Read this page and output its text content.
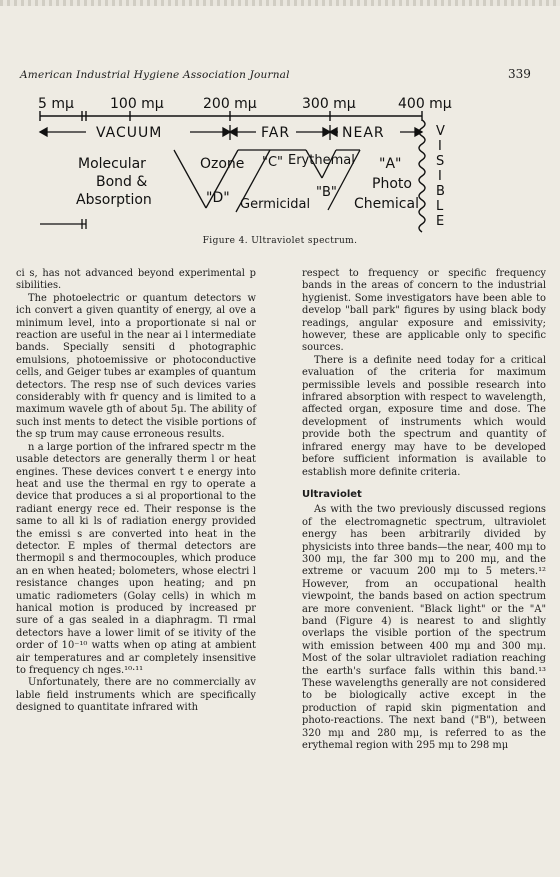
American Industrial Hygiene Association Journal	339
5 mμ	100 mμ	200 mμ	300 mμ	400 mμ
VACUUM	FAR	NEAR	V
I
S
I
B
L
E
Molecular
Bond &
Absorption
Ozone
"D"
"C"
Germicidal
Erythemal
"B"
"A"
Photo
Chemical
Figure 4. Ultraviolet spectrum.

ci s, has not advanced beyond experimental p sibilities.

The photoelectric or quantum detectors w ich convert a given quantity of energy, al ove a minimum level, into a proportionate si nal or reaction are useful in the near ai l intermediate bands. Specially sensiti d photographic emulsions, photoemissive or photoconductive cells, and Geiger tubes ar examples of quantum detectors. The resp nse of such devices varies considerably with fr quency and is limited to a maximum wavele gth of about 5μ. The ability of such inst ments to detect the visible portions of the sp trum may cause erroneous results.

n a large portion of the infrared spectr m the usable detectors are generally therm l or heat engines. These devices convert t e energy into heat and use the thermal en rgy to operate a device that produces a si al proportional to the radiant energy rece ed. Their response is the same to all ki ls of radiation energy provided the emissi s are converted into heat in the detector. E mples of thermal detectors are thermopil s and thermocouples, which produce an en when heated; bolometers, whose electri l resistance changes upon heating; and pn umatic radiometers (Golay cells) in which m hanical motion is produced by increased pr sure of a gas sealed in a diaphragm. Tl rmal detectors have a lower limit of se itivity of the order of 10⁻¹⁰ watts when op ating at ambient air temperatures and ar completely insensitive to frequency ch nges.¹⁰·¹¹

Unfortunately, there are no commercially av lable field instruments which are specifically designed to quantitate infrared with

respect to frequency or specific frequency bands in the areas of concern to the industrial hygienist. Some investigators have been able to develop "ball park" figures by using black body readings, angular exposure and emissivity; however, these are applicable only to specific sources.

There is a definite need today for a critical evaluation of the criteria for maximum permissible levels and possible research into infrared absorption with respect to wavelength, affected organ, exposure time and dose. The development of instruments which would provide both the spectrum and quantity of infrared energy may have to be developed before sufficient information is available to establish more definite criteria.

Ultraviolet

As with the two previously discussed regions of the electromagnetic spectrum, ultraviolet energy has been arbitrarily divided by physicists into three bands—the near, 400 mμ to 300 mμ, the far 300 mμ to 200 mμ, and the extreme or vacuum 200 mμ to 5 meters.¹² However, from an occupational health viewpoint, the bands based on action spectrum are more convenient. "Black light" or the "A" band (Figure 4) is nearest to and slightly overlaps the visible portion of the spectrum with emission between 400 mμ and 300 mμ. Most of the solar ultraviolet radiation reaching the earth's surface falls within this band.¹³ These wavelengths generally are not considered to be biologically active except in the production of rapid skin pigmentation and photo-reactions. The next band ("B"), between 320 mμ and 280 mμ, is referred to as the erythemal region with 295 mμ to 298 mμ
